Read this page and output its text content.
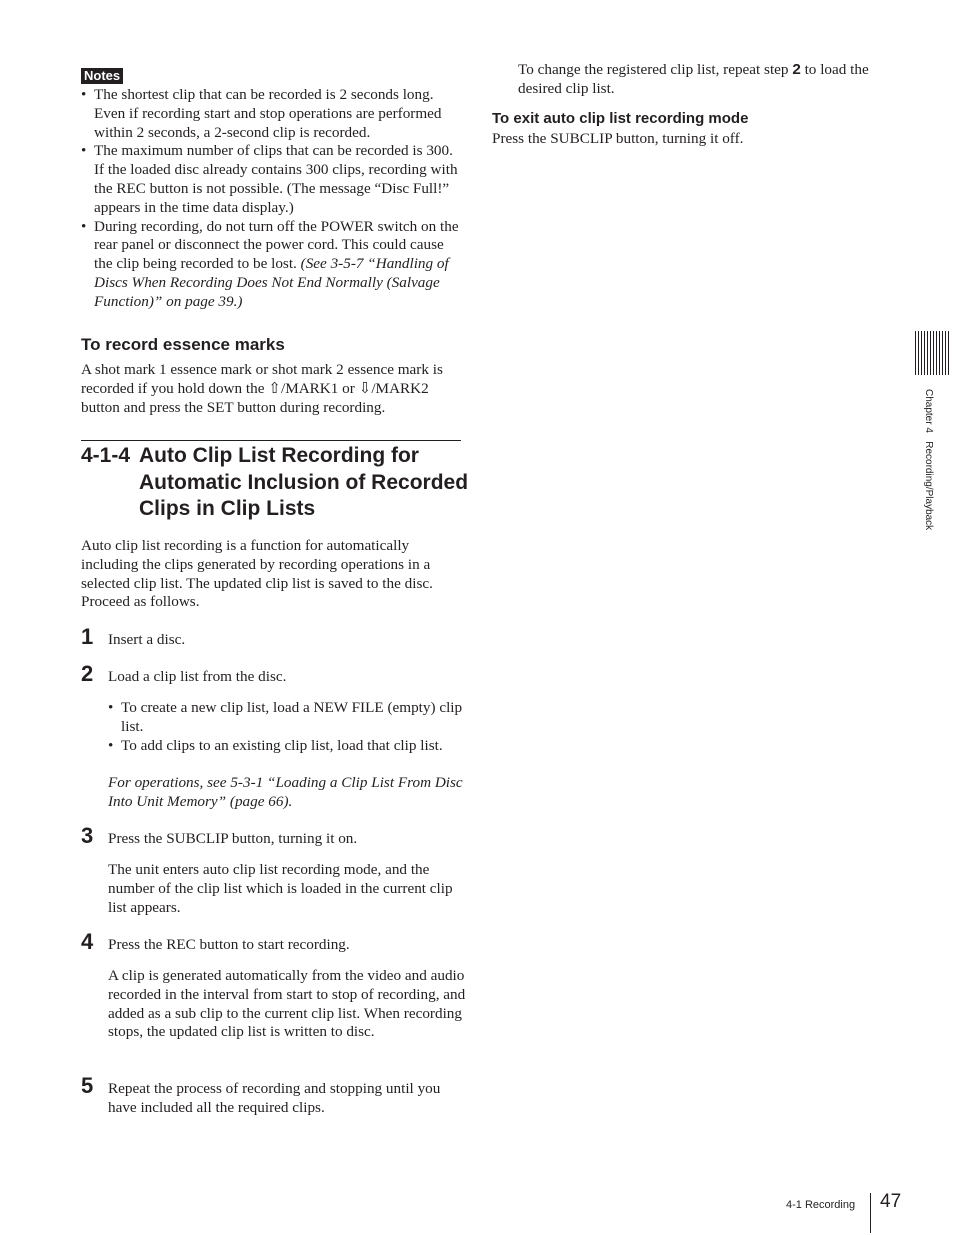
Notes
• The shortest clip that can be recorded is 2 seconds long. Even if recording start and stop operations are performed within 2 seconds, a 2-second clip is recorded.
• The maximum number of clips that can be recorded is 300. If the loaded disc already contains 300 clips, recording with the REC button is not possible. (The message “Disc Full!” appears in the time data display.)
• During recording, do not turn off the POWER switch on the rear panel or disconnect the power cord. This could cause the clip being recorded to be lost. (See 3-5-7 “Handling of Discs When Recording Does Not End Normally (Salvage Function)” on page 39.)
To record essence marks

A shot mark 1 essence mark or shot mark 2 essence mark is recorded if you hold down the ⇧/MARK1 or ⇩/MARK2 button and press the SET button during recording.

4-1-4 Auto Clip List Recording for Automatic Inclusion of Recorded Clips in Clip Lists

Auto clip list recording is a function for automatically including the clips generated by recording operations in a selected clip list. The updated clip list is saved to the disc. Proceed as follows.

1 Insert a disc.

2 Load a clip list from the disc.

• To create a new clip list, load a NEW FILE (empty) clip list.
• To add clips to an existing clip list, load that clip list.

For operations, see 5-3-1 “Loading a Clip List From Disc Into Unit Memory” (page 66).

3 Press the SUBCLIP button, turning it on.

The unit enters auto clip list recording mode, and the number of the clip list which is loaded in the current clip list appears.

4 Press the REC button to start recording.

A clip is generated automatically from the video and audio recorded in the interval from start to stop of recording, and added as a sub clip to the current clip list. When recording stops, the updated clip list is written to disc.

5 Repeat the process of recording and stopping until you have included all the required clips.

To change the registered clip list, repeat step 2 to load the desired clip list.

To exit auto clip list recording mode

Press the SUBCLIP button, turning it off.

Chapter 4   Recording/Playback
4-1 Recording 47
